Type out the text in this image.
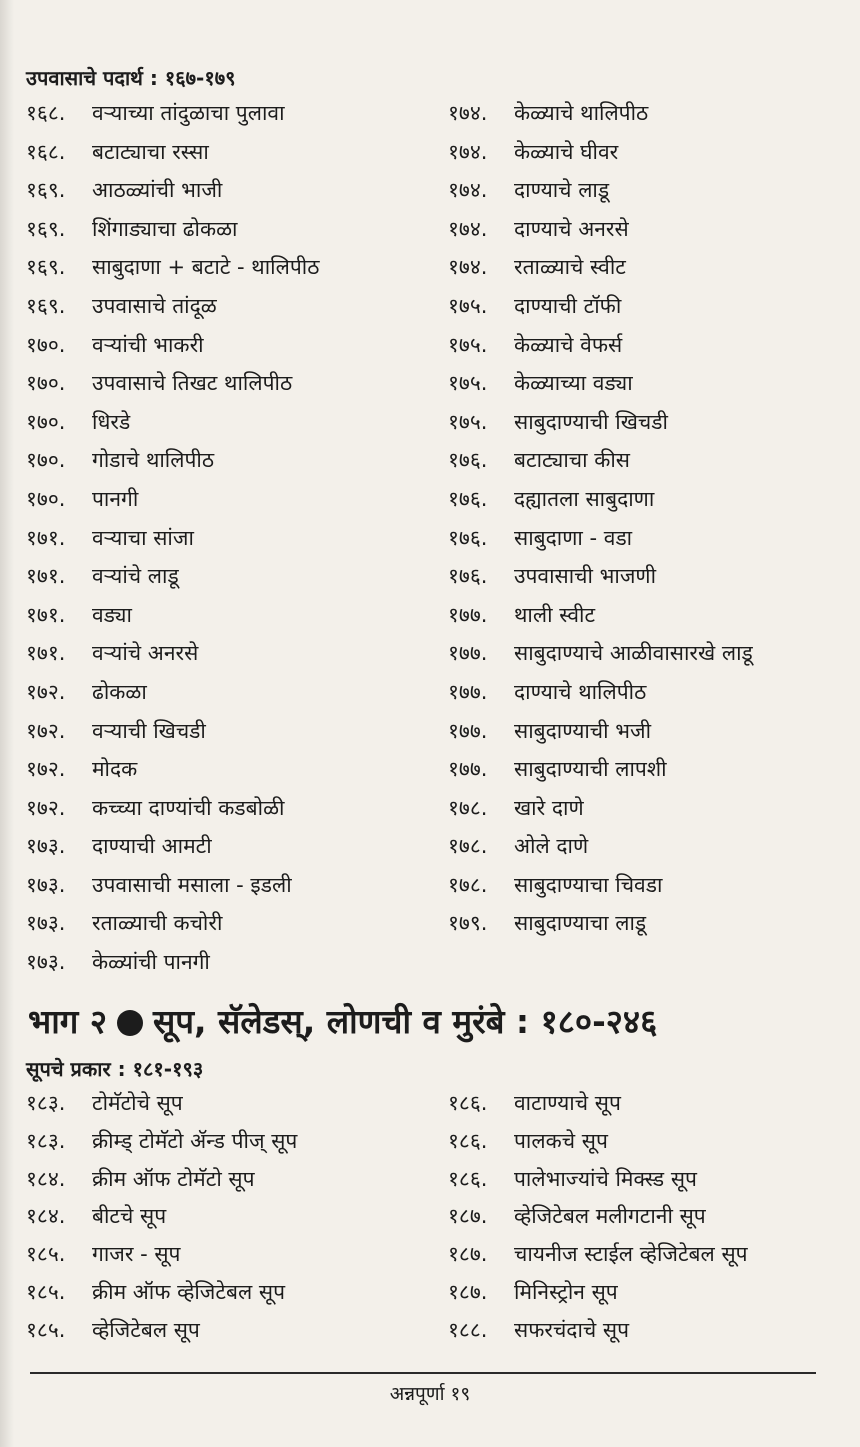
उपवासाचे पदार्थ : १६७-१७९
१६८. वऱ्याच्या तांदुळाचा पुलावा
१६८. बटाट्याचा रस्सा
१६९. आठळ्यांची भाजी
१६९. शिंगाड्याचा ढोकळा
१६९. साबुदाणा + बटाटे - थालिपीठ
१६९. उपवासाचे तांदूळ
१७०. वऱ्यांची भाकरी
१७०. उपवासाचे तिखट थालिपीठ
१७०. धिरडे
१७०. गोडाचे थालिपीठ
१७०. पानगी
१७१. वऱ्याचा सांजा
१७१. वऱ्यांचे लाडू
१७१. वड्या
१७१. वऱ्यांचे अनरसे
१७२. ढोकळा
१७२. वऱ्याची खिचडी
१७२. मोदक
१७२. कच्च्या दाण्यांची कडबोळी
१७३. दाण्याची आमटी
१७३. उपवासाची मसाला - इडली
१७३. रताळ्याची कचोरी
१७३. केळ्यांची पानगी
१७४. केळ्याचे थालिपीठ
१७४. केळ्याचे घीवर
१७४. दाण्याचे लाडू
१७४. दाण्याचे अनरसे
१७४. रताळ्याचे स्वीट
१७५. दाण्याची टॉफी
१७५. केळ्याचे वेफर्स
१७५. केळ्याच्या वड्या
१७५. साबुदाण्याची खिचडी
१७६. बटाट्याचा कीस
१७६. दह्यातला साबुदाणा
१७६. साबुदाणा - वडा
१७६. उपवासाची भाजणी
१७७. थाली स्वीट
१७७. साबुदाण्याचे आळीवासारखे लाडू
१७७. दाण्याचे थालिपीठ
१७७. साबुदाण्याची भजी
१७७. साबुदाण्याची लापशी
१७८. खारे दाणे
१७८. ओले दाणे
१७८. साबुदाण्याचा चिवडा
१७९. साबुदाण्याचा लाडू
भाग २ सूप, सॅलेडस्, लोणची व मुरंबे : १८०-२४६
सूपचे प्रकार : १८१-१९३
१८३. टोमॅटोचे सूप
१८३. क्रीम्ड् टोमॅटो ॲन्ड पीज् सूप
१८४. क्रीम ऑफ टोमॅटो सूप
१८४. बीटचे सूप
१८५. गाजर - सूप
१८५. क्रीम ऑफ व्हेजिटेबल सूप
१८५. व्हेजिटेबल सूप
१८६. वाटाण्याचे सूप
१८६. पालकचे सूप
१८६. पालेभाज्यांचे मिक्स्ड सूप
१८७. व्हेजिटेबल मलीगटानी सूप
१८७. चायनीज स्टाईल व्हेजिटेबल सूप
१८७. मिनिस्ट्रोन सूप
१८८. सफरचंदाचे सूप
अन्नपूर्णा १९
